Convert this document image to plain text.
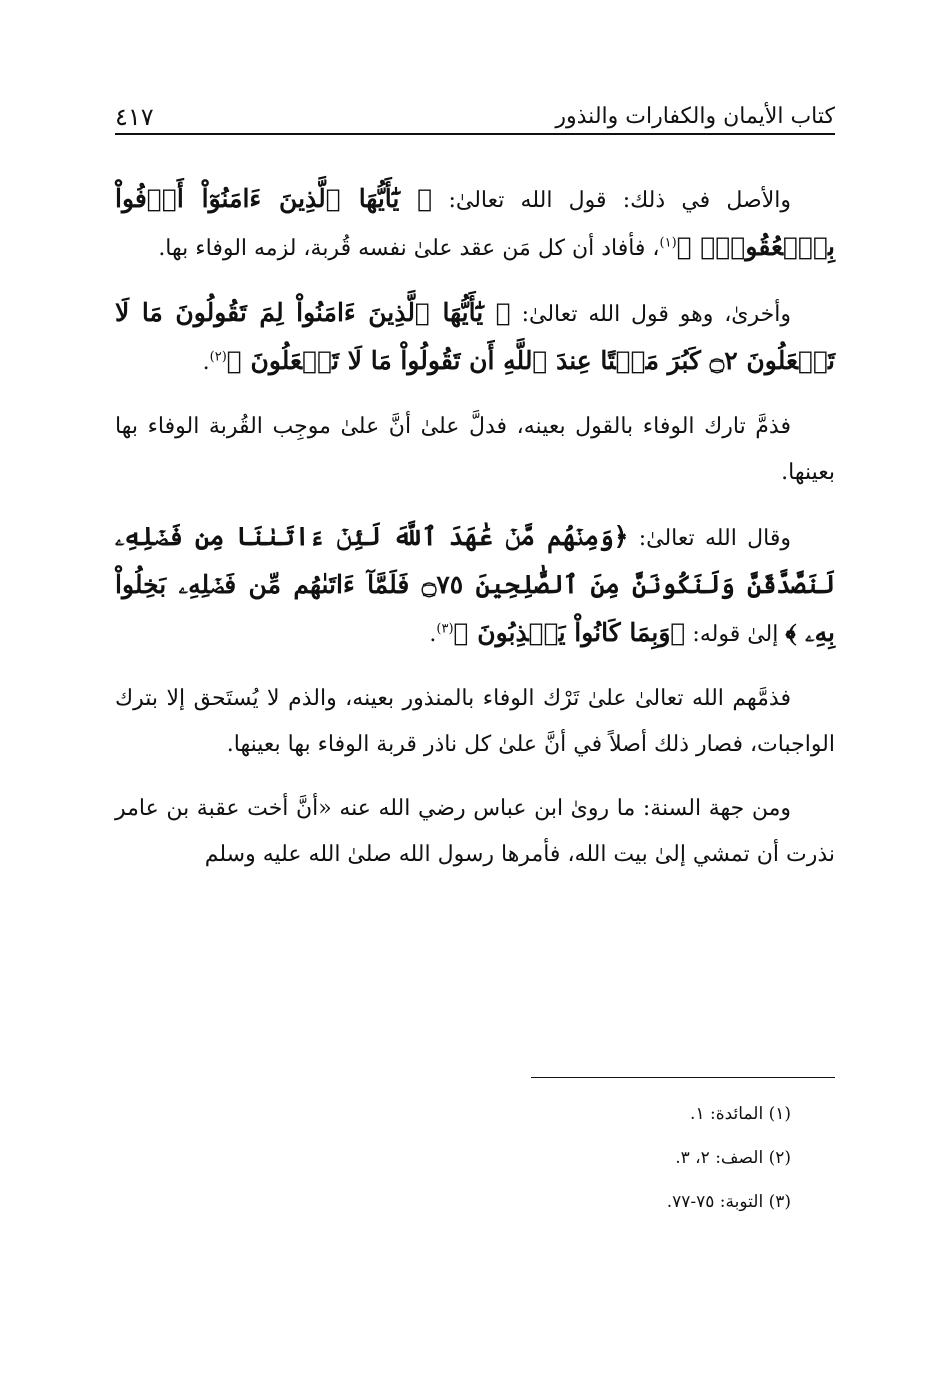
كتاب الأيمان والكفارات والنذور
٤١٧

والأصل في ذلك: قول الله تعالىٰ: ﴿ يَٰٓأَيُّهَا ٱلَّذِينَ ءَامَنُوٓاْ أَوۡفُواْ بِٱلۡعُقُودِۚ ﴾$^{(١)}$، فأفاد أن كل مَن عقد علىٰ نفسه قُربة، لزمه الوفاء بها.

وأخرىٰ، وهو قول الله تعالىٰ: ﴿ يَٰٓأَيُّهَا ٱلَّذِينَ ءَامَنُواْ لِمَ تَقُولُونَ مَا لَا تَفۡعَلُونَ ۝٢ كَبُرَ مَقۡتًا عِندَ ٱللَّهِ أَن تَقُولُواْ مَا لَا تَفۡعَلُونَ ﴾$^{(٢)}$.

فذمَّ تارك الوفاء بالقول بعينه، فدلَّ علىٰ أنَّ علىٰ موجِب القُربة الوفاء بها بعينها.

وقال الله تعالىٰ: ﴿وَمِنۡهُم مَّنۡ عَٰهَدَ ٱللَّهَ لَئِنۡ ءَاتَىٰنَا مِن فَضۡلِهِۦ لَنَصَّدَّقَنَّ وَلَنَكُونَنَّ مِنَ ٱلصَّٰلِحِينَ ۝٧٥ فَلَمَّآ ءَاتَىٰهُم مِّن فَضۡلِهِۦ بَخِلُواْ بِهِۦ ﴾ إلىٰ قوله: ﴿وَبِمَا كَانُواْ يَكۡذِبُونَ ﴾$^{(٣)}$.

فذمَّهم الله تعالىٰ علىٰ تَرْك الوفاء بالمنذور بعينه، والذم لا يُستَحق إلا بترك الواجبات، فصار ذلك أصلاً في أنَّ علىٰ كل ناذر قربة الوفاء بها بعينها.

ومن جهة السنة: ما روىٰ ابن عباس رضي الله عنه «أنَّ أخت عقبة بن عامر نذرت أن تمشي إلىٰ بيت الله، فأمرها رسول الله صلىٰ الله عليه وسلم

(١) المائدة: ١.
(٢) الصف: ٢، ٣.
(٣) التوبة: ٧٥-٧٧.
